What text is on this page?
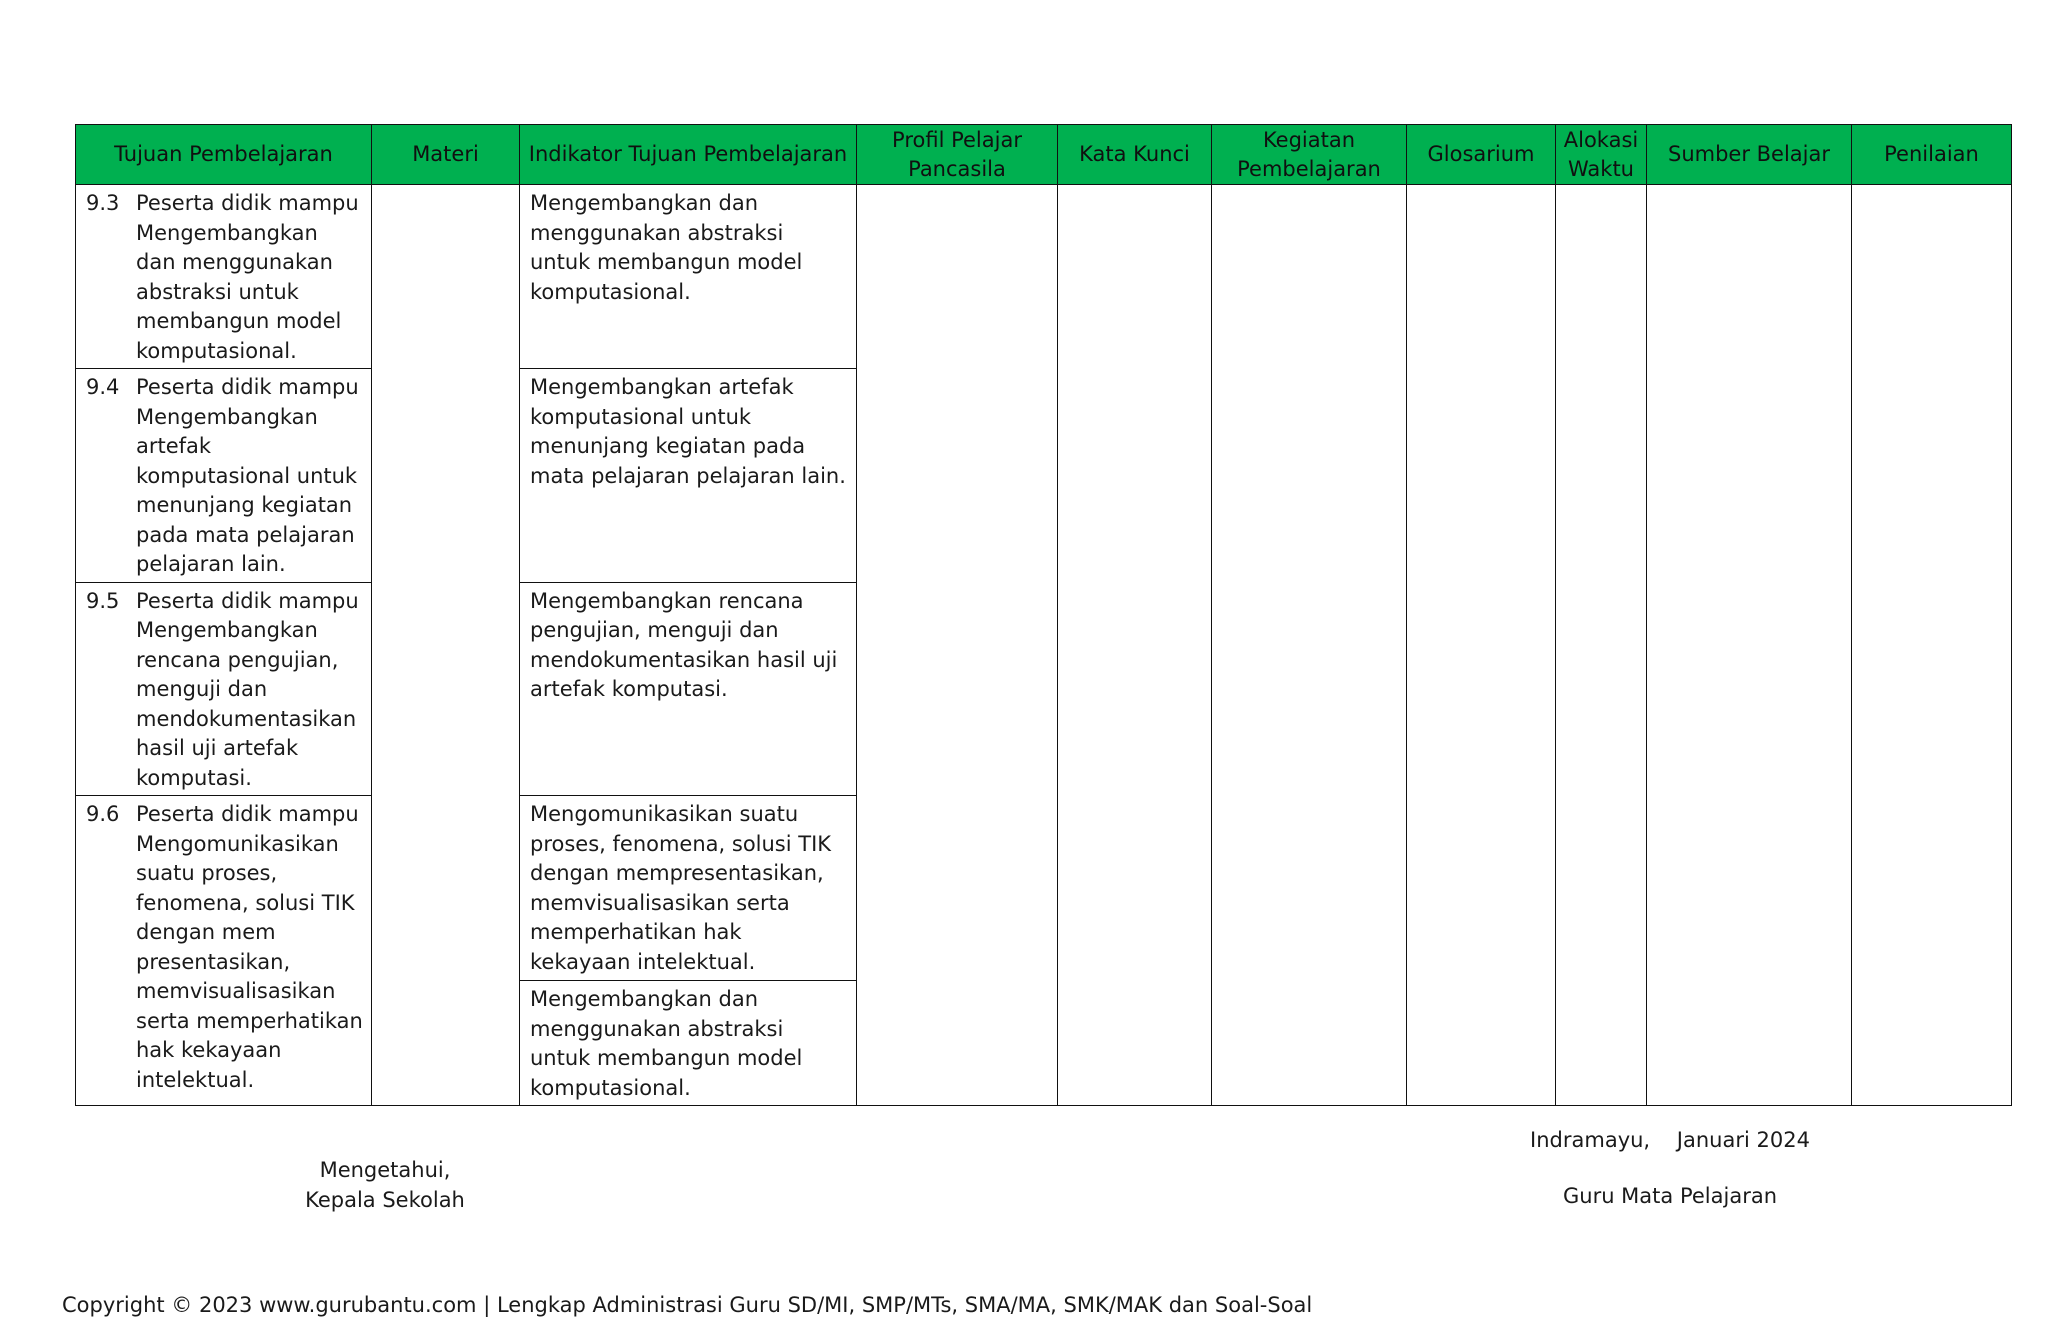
Tujuan Pembelajaran	Materi	Indikator Tujuan Pembelajaran	Profil Pelajar Pancasila	Kata Kunci	Kegiatan Pembelajaran	Glosarium	Alokasi Waktu	Sumber Belajar	Penilaian

9.3 Peserta didik mampu Mengembangkan dan menggunakan abstraksi untuk membangun model komputasional.		Mengembangkan dan menggunakan abstraksi untuk membangun model komputasional.							

9.4 Peserta didik mampu Mengembangkan artefak komputasional untuk menunjang kegiatan pada mata pelajaran pelajaran lain.		Mengembangkan artefak komputasional untuk menunjang kegiatan pada mata pelajaran pelajaran lain.							

9.5 Peserta didik mampu Mengembangkan rencana pengujian, menguji dan mendokumentasikan hasil uji artefak komputasi.		Mengembangkan rencana pengujian, menguji dan mendokumentasikan hasil uji artefak komputasi.							

9.6 Peserta didik mampu Mengomunikasikan suatu proses, fenomena, solusi TIK dengan mem presentasikan, memvisualisasikan serta memperhatikan hak kekayaan intelektual.		Mengomunikasikan suatu proses, fenomena, solusi TIK dengan mempresentasikan, memvisualisasikan serta memperhatikan hak kekayaan intelektual.							

		Mengembangkan dan menggunakan abstraksi untuk membangun model komputasional.							
Mengetahui,
Kepala Sekolah
Indramayu,    Januari 2024
Guru Mata Pelajaran
Copyright © 2023 www.gurubantu.com | Lengkap Administrasi Guru SD/MI, SMP/MTs, SMA/MA, SMK/MAK dan Soal-Soal
